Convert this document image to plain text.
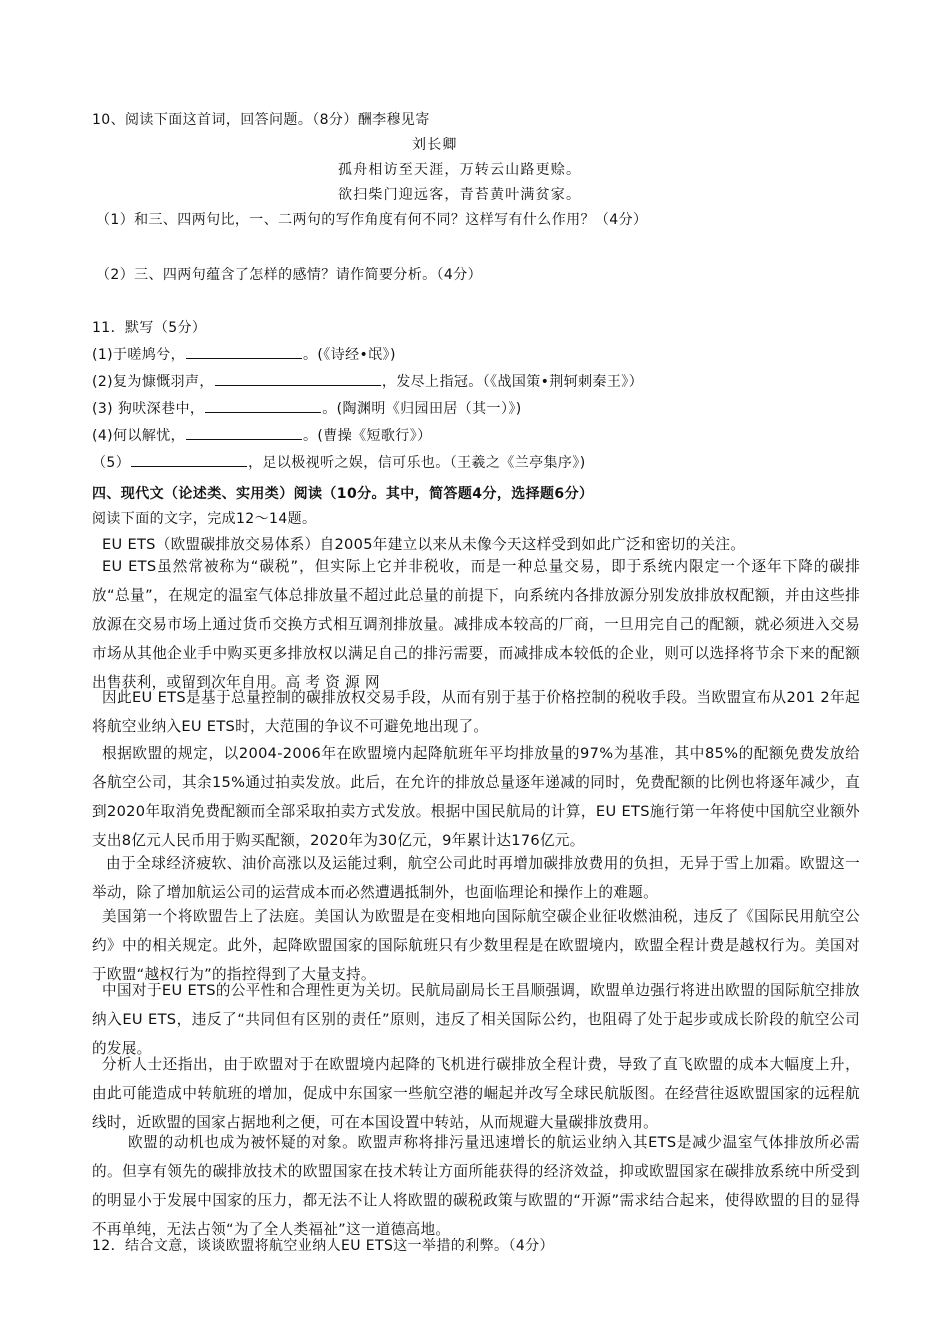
10、阅读下面这首词，回答问题。（8分）酬李穆见寄
刘长卿
孤舟相访至天涯，万转云山路更赊。
欲扫柴门迎远客，青苔黄叶满贫家。
（1）和三、四两句比，一、二两句的写作角度有何不同？这样写有什么作用？（4分）
（2）三、四两句蕴含了怎样的感情？请作简要分析。（4分）
11．默写（5分）
(1)于嗟鸠兮，	。(《诗经•氓》)
(2)复为慷慨羽声，	，发尽上指冠。（《战国策•荆轲刺秦王》）
(3) 狗吠深巷中，	。(陶渊明《归园田居（其一）》)
(4)何以解忧，	。(曹操《短歌行》）
（5）	，足以极视听之娱，信可乐也。（王羲之《兰亭集序》)
四、现代文（论述类、实用类）阅读（10分。其中，简答题4分，选择题6分）
阅读下面的文字，完成12～14题。
EU ETS（欧盟碳排放交易体系）自2005年建立以来从未像今天这样受到如此广泛和密切的关注。
EU ETS虽然常被称为“碳税”，但实际上它并非税收，而是一种总量交易，即于系统内限定一个逐年下降的碳排放“总量”，在规定的温室气体总排放量不超过此总量的前提下，向系统内各排放源分别发放排放权配额，并由这些排放源在交易市场上通过货币交换方式相互调剂排放量。减排成本较高的厂商，一旦用完自己的配额，就必须进入交易市场从其他企业手中购买更多排放权以满足自己的排污需要，而减排成本较低的企业，则可以选择将节余下来的配额出售获利，或留到次年自用。高 考 资 源 网
因此EU ETS是基于总量控制的碳排放权交易手段，从而有别于基于价格控制的税收手段。当欧盟宣布从201 2年起将航空业纳入EU ETS时，大范围的争议不可避免地出现了。
根据欧盟的规定，以2004-2006年在欧盟境内起降航班年平均排放量的97%为基准，其中85%的配额免费发放给各航空公司，其余15%通过拍卖发放。此后，在允许的排放总量逐年递减的同时，免费配额的比例也将逐年减少，直到2020年取消免费配额而全部采取拍卖方式发放。根据中国民航局的计算，EU ETS施行第一年将使中国航空业额外支出8亿元人民币用于购买配额，2020年为30亿元，9年累计达176亿元。
由于全球经济疲软、油价高涨以及运能过剩，航空公司此时再增加碳排放费用的负担，无异于雪上加霜。欧盟这一举动，除了增加航运公司的运营成本而必然遭遇抵制外，也面临理论和操作上的难题。
美国第一个将欧盟告上了法庭。美国认为欧盟是在变相地向国际航空碳企业征收燃油税，违反了《国际民用航空公约》中的相关规定。此外，起降欧盟国家的国际航班只有少数里程是在欧盟境内，欧盟全程计费是越权行为。美国对于欧盟“越权行为”的指控得到了大量支持。
中国对于EU ETS的公平性和合理性更为关切。民航局副局长王昌顺强调，欧盟单边强行将进出欧盟的国际航空排放纳入EU ETS，违反了“共同但有区别的责任”原则，违反了相关国际公约，也阻碍了处于起步或成长阶段的航空公司的发展。
分析人士还指出，由于欧盟对于在欧盟境内起降的飞机进行碳排放全程计费，导致了直飞欧盟的成本大幅度上升，由此可能造成中转航班的增加，促成中东国家一些航空港的崛起并改写全球民航版图。在经营往返欧盟国家的远程航线时，近欧盟的国家占据地利之便，可在本国设置中转站，从而规避大量碳排放费用。
欧盟的动机也成为被怀疑的对象。欧盟声称将排污量迅速增长的航运业纳入其ETS是减少温室气体排放所必需的。但享有领先的碳排放技术的欧盟国家在技术转让方面所能获得的经济效益，抑或欧盟国家在碳排放系统中所受到的明显小于发展中国家的压力，都无法不让人将欧盟的碳税政策与欧盟的“开源”需求结合起来，使得欧盟的目的显得不再单纯，无法占领“为了全人类福祉”这一道德高地。
12．结合文意，谈谈欧盟将航空业纳人EU ETS这一举措的利弊。（4分）
